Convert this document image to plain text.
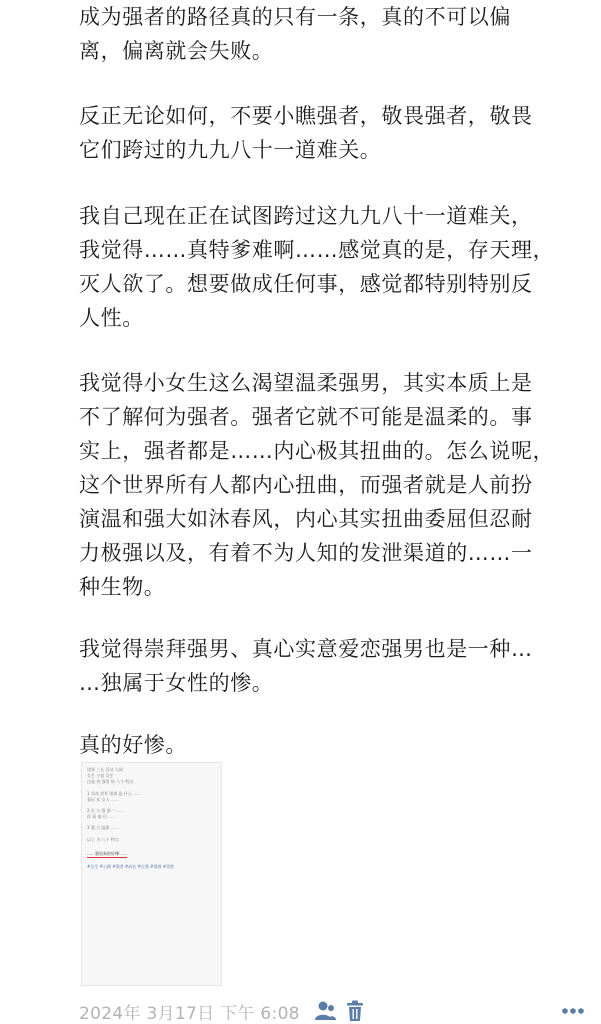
成为强者的路径真的只有一条，真的不可以偏
离，偏离就会失败。

反正无论如何，不要小瞧强者，敬畏强者，敬畏
它们跨过的九九八十一道难关。

我自己现在正在试图跨过这九九八十一道难关，
我觉得……真特爹难啊……感觉真的是，存天理，
灭人欲了。想要做成任何事，感觉都特别特别反
人性。

我觉得小女生这么渴望温柔强男，其实本质上是
不了解何为强者。强者它就不可能是温柔的。事
实上，强者都是……内心极其扭曲的。怎么说呢，
这个世界所有人都内心扭曲，而强者就是人前扮
演温和强大如沐春风，内心其实扭曲委屈但忍耐
力极强以及，有着不为人知的发泄渠道的……一
种生物。

我觉得崇拜强男、真心实意爱恋强男也是一种…
…独属于女性的惨。

真的好惨。

读要 三长 活动 人间
女生 小说 众生
这是 讲 强男 的 八个 特点
1 女孩 崇拜 强男 是 什么 ……
看出 长 女人 ……
2 长 与 强 第一 ……
你 看 他 们 ……
3 强 与 温柔 ……
以上 为 八个 特点
……强男真的好惨……
#女生 #心理 #强者 #成长 #自我 #情感 #男性
2024年 3月17日 下午 6:08
